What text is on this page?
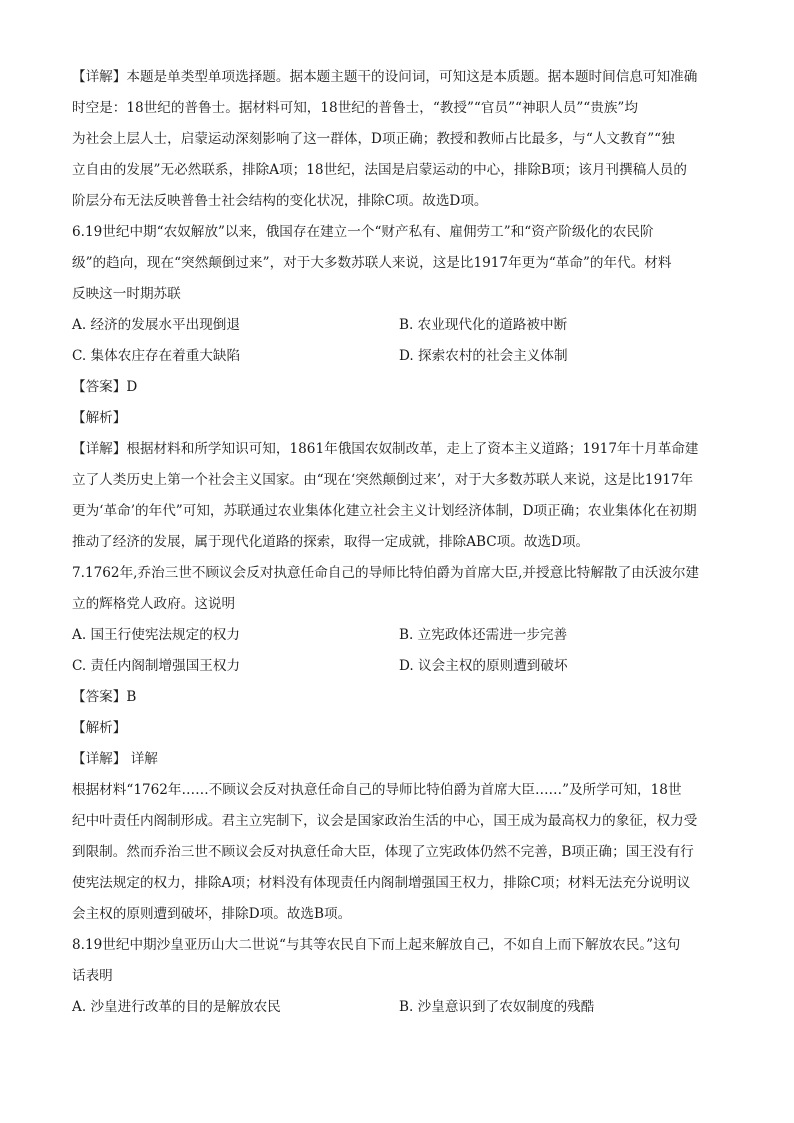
【详解】本题是单类型单项选择题。据本题主题干的设问词，可知这是本质题。据本题时间信息可知准确
时空是：18世纪的普鲁士。据材料可知，18世纪的普鲁士，“教授”“官员”“神职人员”“贵族”均
为社会上层人士，启蒙运动深刻影响了这一群体，D项正确；教授和教师占比最多，与“人文教育”“独
立自由的发展”无必然联系，排除A项；18世纪，法国是启蒙运动的中心，排除B项；该月刊撰稿人员的
阶层分布无法反映普鲁士社会结构的变化状况，排除C项。故选D项。
6.19世纪中期“农奴解放”以来，俄国存在建立一个“财产私有、雇佣劳工”和“资产阶级化的农民阶
级”的趋向，现在“突然颠倒过来”，对于大多数苏联人来说，这是比1917年更为“革命”的年代。材料
反映这一时期苏联
A. 经济的发展水平出现倒退	B. 农业现代化的道路被中断
C. 集体农庄存在着重大缺陷	D. 探索农村的社会主义体制
【答案】D
【解析】
【详解】根据材料和所学知识可知，1861年俄国农奴制改革，走上了资本主义道路；1917年十月革命建
立了人类历史上第一个社会主义国家。由“现在‘突然颠倒过来’，对于大多数苏联人来说，这是比1917年
更为‘革命’的年代”可知，苏联通过农业集体化建立社会主义计划经济体制，D项正确；农业集体化在初期
推动了经济的发展，属于现代化道路的探索，取得一定成就，排除ABC项。故选D项。
7.1762年,乔治三世不顾议会反对执意任命自己的导师比特伯爵为首席大臣,并授意比特解散了由沃波尔建
立的辉格党人政府。这说明
A. 国王行使宪法规定的权力	B. 立宪政体还需进一步完善
C. 责任内阁制增强国王权力	D. 议会主权的原则遭到破坏
【答案】B
【解析】
【详解】 详解
根据材料“1762年……不顾议会反对执意任命自己的导师比特伯爵为首席大臣……”及所学可知，18世
纪中叶责任内阁制形成。君主立宪制下，议会是国家政治生活的中心，国王成为最高权力的象征，权力受
到限制。然而乔治三世不顾议会反对执意任命大臣，体现了立宪政体仍然不完善，B项正确；国王没有行
使宪法规定的权力，排除A项；材料没有体现责任内阁制增强国王权力，排除C项；材料无法充分说明议
会主权的原则遭到破坏，排除D项。故选B项。
8.19世纪中期沙皇亚历山大二世说“与其等农民自下而上起来解放自己，不如自上而下解放农民。”这句
话表明
A. 沙皇进行改革的目的是解放农民	B. 沙皇意识到了农奴制度的残酷
